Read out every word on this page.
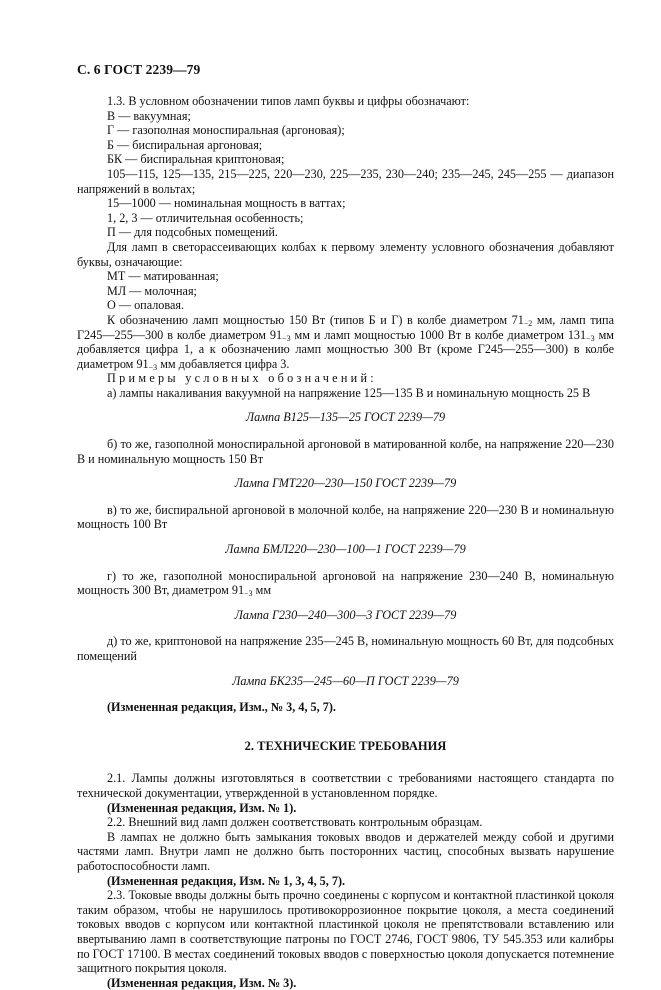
С. 6 ГОСТ 2239—79

1.3. В условном обозначении типов ламп буквы и цифры обозначают:

В — вакуумная;

Г — газополная моноспиральная (аргоновая);

Б — биспиральная аргоновая;

БК — биспиральная криптоновая;

105—115, 125—135, 215—225, 220—230, 225—235, 230—240; 235—245, 245—255 — диапазон напряжений в вольтах;

15—1000 — номинальная мощность в ваттах;

1, 2, 3 — отличительная особенность;

П — для подсобных помещений.

Для ламп в светорассеивающих колбах к первому элементу условного обозначения добавляют буквы, означающие:

МТ — матированная;

МЛ — молочная;

О — опаловая.

К обозначению ламп мощностью 150 Вт (типов Б и Г) в колбе диаметром $71_{-2}$ мм, ламп типа Г245—255—300 в колбе диаметром $91_{-3}$ мм и ламп мощностью 1000 Вт в колбе диаметром $131_{-3}$ мм добавляется цифра 1, а к обозначению ламп мощностью 300 Вт (кроме Г245—255—300) в колбе диаметром $91_{-3}$ мм добавляется цифра 3.

Примеры условных обозначений:

а) лампы накаливания вакуумной на напряжение 125—135 В и номинальную мощность 25 В

Лампа В125—135—25 ГОСТ 2239—79

б) то же, газополной моноспиральной аргоновой в матированной колбе, на напряжение 220—230 В и номинальную мощность 150 Вт

Лампа ГМТ220—230—150 ГОСТ 2239—79

в) то же, биспиральной аргоновой в молочной колбе, на напряжение 220—230 В и номинальную мощность 100 Вт

Лампа БМЛ220—230—100—1 ГОСТ 2239—79

г) то же, газополной моноспиральной аргоновой на напряжение 230—240 В, номинальную мощность 300 Вт, диаметром $91_{-3}$ мм

Лампа Г230—240—300—3 ГОСТ 2239—79

д) то же, криптоновой на напряжение 235—245 В, номинальную мощность 60 Вт, для подсобных помещений

Лампа БК235—245—60—П ГОСТ 2239—79

(Измененная редакция, Изм., № 3, 4, 5, 7).

2. ТЕХНИЧЕСКИЕ ТРЕБОВАНИЯ

2.1. Лампы должны изготовляться в соответствии с требованиями настоящего стандарта по технической документации, утвержденной в установленном порядке.

(Измененная редакция, Изм. № 1).

2.2. Внешний вид ламп должен соответствовать контрольным образцам.

В лампах не должно быть замыкания токовых вводов и держателей между собой и другими частями ламп. Внутри ламп не должно быть посторонних частиц, способных вызвать нарушение работоспособности ламп.

(Измененная редакция, Изм. № 1, 3, 4, 5, 7).

2.3. Токовые вводы должны быть прочно соединены с корпусом и контактной пластинкой цоколя таким образом, чтобы не нарушилось противокоррозионное покрытие цоколя, а места соединений токовых вводов с корпусом или контактной пластинкой цоколя не препятствовали вставлению или ввертыванию ламп в соответствующие патроны по ГОСТ 2746, ГОСТ 9806, ТУ 545.353 или калибры по ГОСТ 17100. В местах соединений токовых вводов с поверхностью цоколя допускается потемнение защитного покрытия цоколя.

(Измененная редакция, Изм. № 3).
